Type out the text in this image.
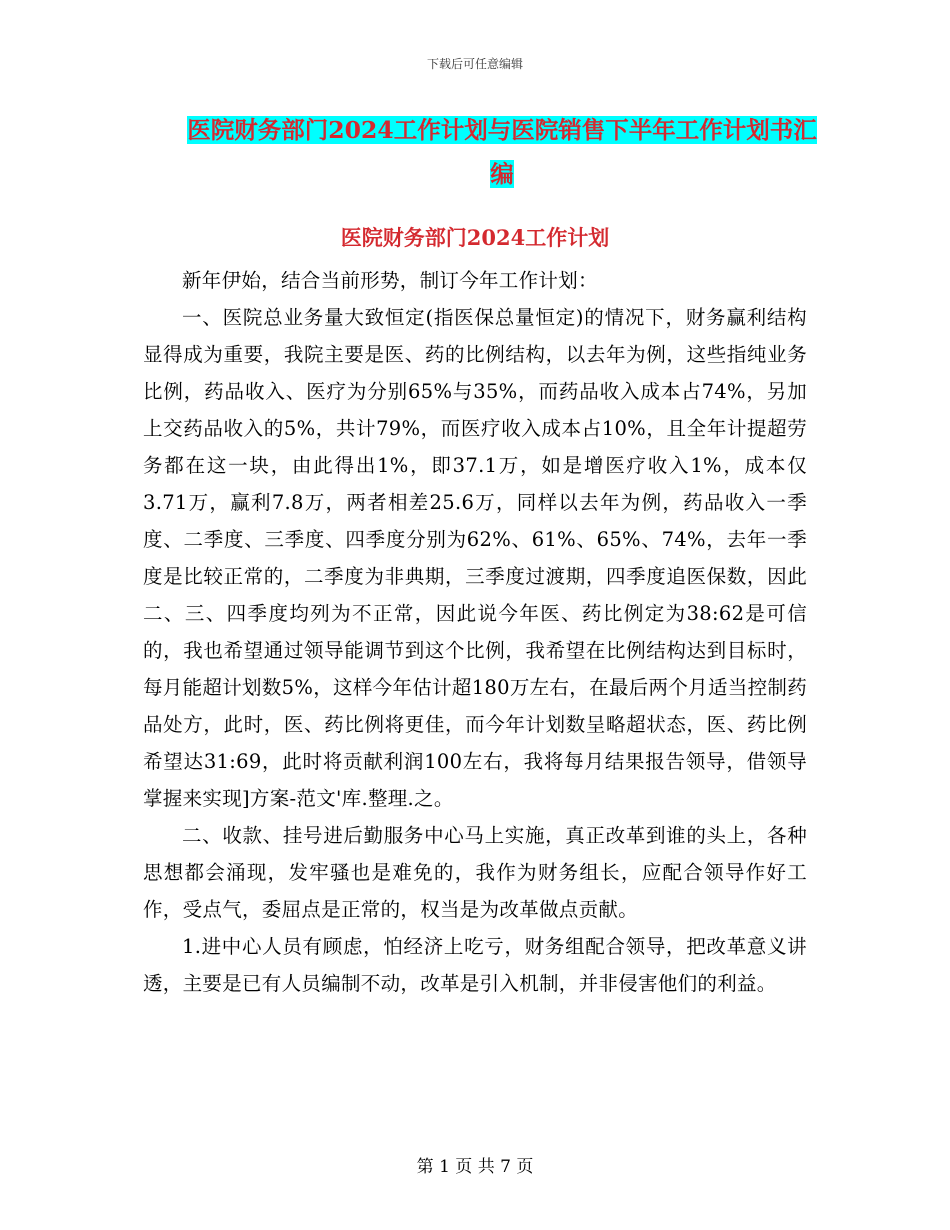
下载后可任意编辑
医院财务部门2024工作计划与医院销售下半年工作计划书汇编
医院财务部门2024工作计划

新年伊始，结合当前形势，制订今年工作计划：

一、医院总业务量大致恒定(指医保总量恒定)的情况下，财务赢利结构显得成为重要，我院主要是医、药的比例结构，以去年为例，这些指纯业务比例，药品收入、医疗为分别65%与35%，而药品收入成本占74%，另加上交药品收入的5%，共计79%，而医疗收入成本占10%，且全年计提超劳务都在这一块，由此得出1%，即37.1万，如是增医疗收入1%，成本仅3.71万，赢利7.8万，两者相差25.6万，同样以去年为例，药品收入一季度、二季度、三季度、四季度分别为62%、61%、65%、74%，去年一季度是比较正常的，二季度为非典期，三季度过渡期，四季度追医保数，因此二、三、四季度均列为不正常，因此说今年医、药比例定为38:62是可信的，我也希望通过领导能调节到这个比例，我希望在比例结构达到目标时，每月能超计划数5%，这样今年估计超180万左右，在最后两个月适当控制药品处方，此时，医、药比例将更佳，而今年计划数呈略超状态，医、药比例希望达31:69，此时将贡献利润100左右，我将每月结果报告领导，借领导掌握来实现]方案-范文'库.整理.之。

二、收款、挂号进后勤服务中心马上实施，真正改革到谁的头上，各种思想都会涌现，发牢骚也是难免的，我作为财务组长，应配合领导作好工作，受点气，委屈点是正常的，权当是为改革做点贡献。

1.进中心人员有顾虑，怕经济上吃亏，财务组配合领导，把改革意义讲透，主要是已有人员编制不动，改革是引入机制，并非侵害他们的利益。

第 1 页 共 7 页
